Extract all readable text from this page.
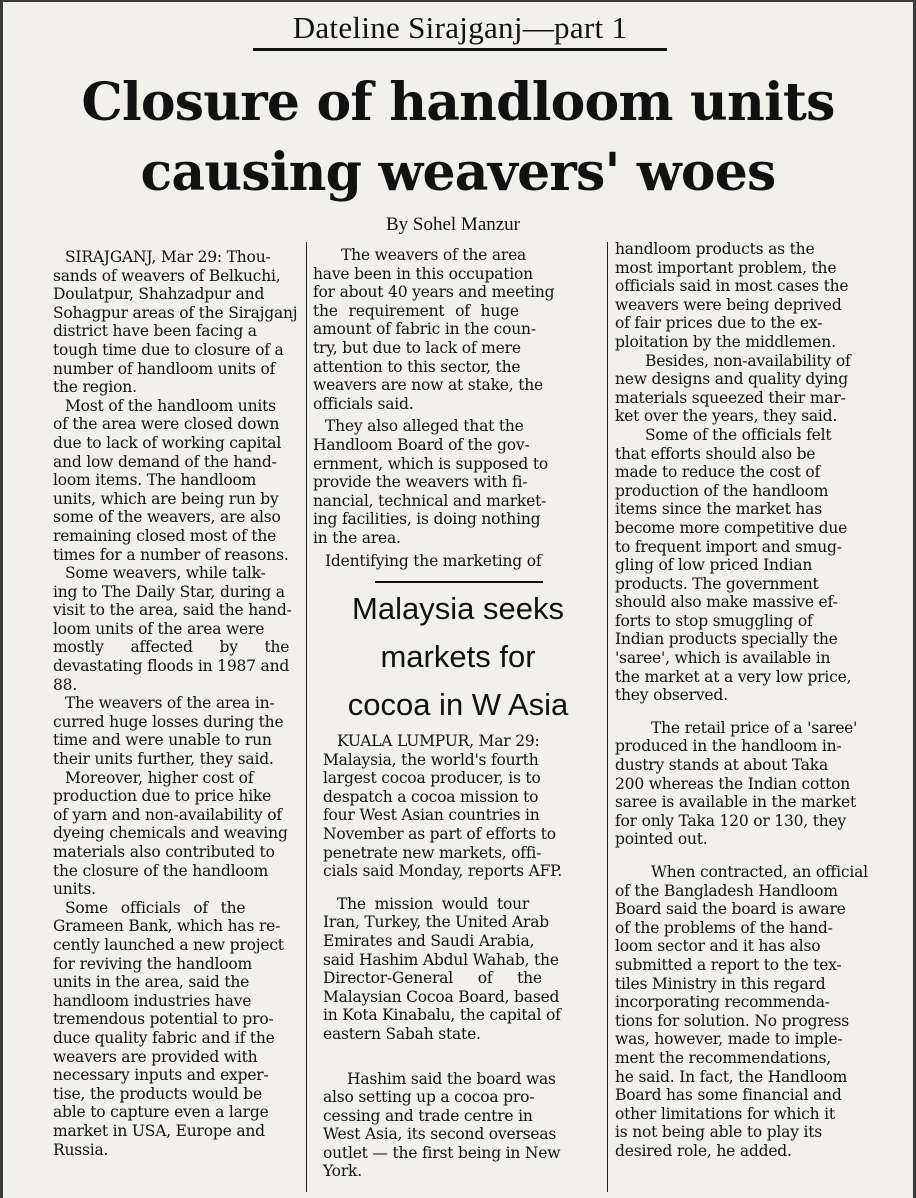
Dateline Sirajganj—part 1
Closure of handloom units
causing weavers' woes
By Sohel Manzur

SIRAJGANJ, Mar 29: Thou-

sands of weavers of Belkuchi,

Doulatpur, Shahzadpur and

Sohagpur areas of the Sirajganj

district have been facing a

tough time due to closure of a

number of handloom units of

the region.

Most of the handloom units

of the area were closed down

due to lack of working capital

and low demand of the hand-

loom items. The handloom

units, which are being run by

some of the weavers, are also

remaining closed most of the

times for a number of reasons.

Some weavers, while talk-

ing to The Daily Star, during a

visit to the area, said the hand-

loom units of the area were

mostly affected by the

devastating floods in 1987 and

88.

The weavers of the area in-

curred huge losses during the

time and were unable to run

their units further, they said.

Moreover, higher cost of

production due to price hike

of yarn and non-availability of

dyeing chemicals and weaving

materials also contributed to

the closure of the handloom

units.

Some officials of the

Grameen Bank, which has re-

cently launched a new project

for reviving the handloom

units in the area, said the

handloom industries have

tremendous potential to pro-

duce quality fabric and if the

weavers are provided with

necessary inputs and exper-

tise, the products would be

able to capture even a large

market in USA, Europe and

Russia.

The weavers of the area

have been in this occupation

for about 40 years and meeting

the requirement of huge

amount of fabric in the coun-

try, but due to lack of mere

attention to this sector, the

weavers are now at stake, the

officials said.

They also alleged that the

Handloom Board of the gov-

ernment, which is supposed to

provide the weavers with fi-

nancial, technical and market-

ing facilities, is doing nothing

in the area.

Identifying the marketing of

Malaysia seeks
markets for
cocoa in W Asia

KUALA LUMPUR, Mar 29:

Malaysia, the world's fourth

largest cocoa producer, is to

despatch a cocoa mission to

four West Asian countries in

November as part of efforts to

penetrate new markets, offi-

cials said Monday, reports AFP.

The mission would tour

Iran, Turkey, the United Arab

Emirates and Saudi Arabia,

said Hashim Abdul Wahab, the

Director-General of the

Malaysian Cocoa Board, based

in Kota Kinabalu, the capital of

eastern Sabah state.

Hashim said the board was

also setting up a cocoa pro-

cessing and trade centre in

West Asia, its second overseas

outlet — the first being in New

York.

handloom products as the

most important problem, the

officials said in most cases the

weavers were being deprived

of fair prices due to the ex-

ploitation by the middlemen.

Besides, non-availability of

new designs and quality dying

materials squeezed their mar-

ket over the years, they said.

Some of the officials felt

that efforts should also be

made to reduce the cost of

production of the handloom

items since the market has

become more competitive due

to frequent import and smug-

gling of low priced Indian

products. The government

should also make massive ef-

forts to stop smuggling of

Indian products specially the

'saree', which is available in

the market at a very low price,

they observed.

The retail price of a 'saree'

produced in the handloom in-

dustry stands at about Taka

200 whereas the Indian cotton

saree is available in the market

for only Taka 120 or 130, they

pointed out.

When contracted, an official

of the Bangladesh Handloom

Board said the board is aware

of the problems of the hand-

loom sector and it has also

submitted a report to the tex-

tiles Ministry in this regard

incorporating recommenda-

tions for solution. No progress

was, however, made to imple-

ment the recommendations,

he said. In fact, the Handloom

Board has some financial and

other limitations for which it

is not being able to play its

desired role, he added.
